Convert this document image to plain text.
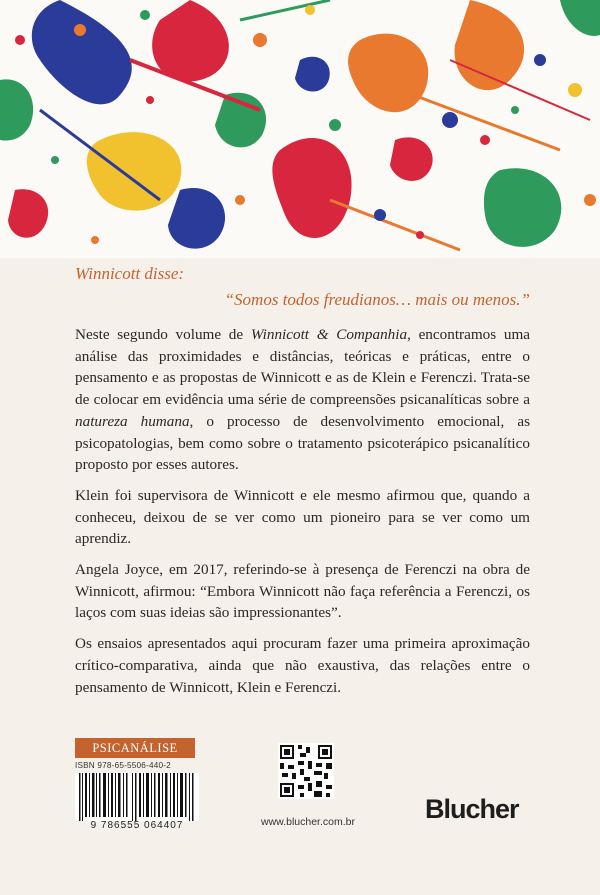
Winnicott disse:

“Somos todos freudianos… mais ou menos.”

Neste segundo volume de Winnicott & Companhia, encontramos uma análise das proximidades e distâncias, teóricas e práticas, entre o pensamento e as propostas de Winnicott e as de Klein e Ferenczi. Trata-se de colocar em evidência uma série de compreensões psicanalíticas sobre a natureza humana, o processo de desenvolvimento emocional, as psicopatologias, bem como sobre o tratamento psicoterápico psicanalítico proposto por esses autores.

Klein foi supervisora de Winnicott e ele mesmo afirmou que, quando a conheceu, deixou de se ver como um pioneiro para se ver como um aprendiz.

Angela Joyce, em 2017, referindo-se à presença de Ferenczi na obra de Winnicott, afirmou: “Embora Winnicott não faça referência a Ferenczi, os laços com suas ideias são impressionantes”.

Os ensaios apresentados aqui procuram fazer uma primeira aproximação crítico-comparativa, ainda que não exaustiva, das relações entre o pensamento de Winnicott, Klein e Ferenczi.

PSICANÁLISE
ISBN 978-65-5506-440-2
9 786555 064407	www.blucher.com.br	Blucher
